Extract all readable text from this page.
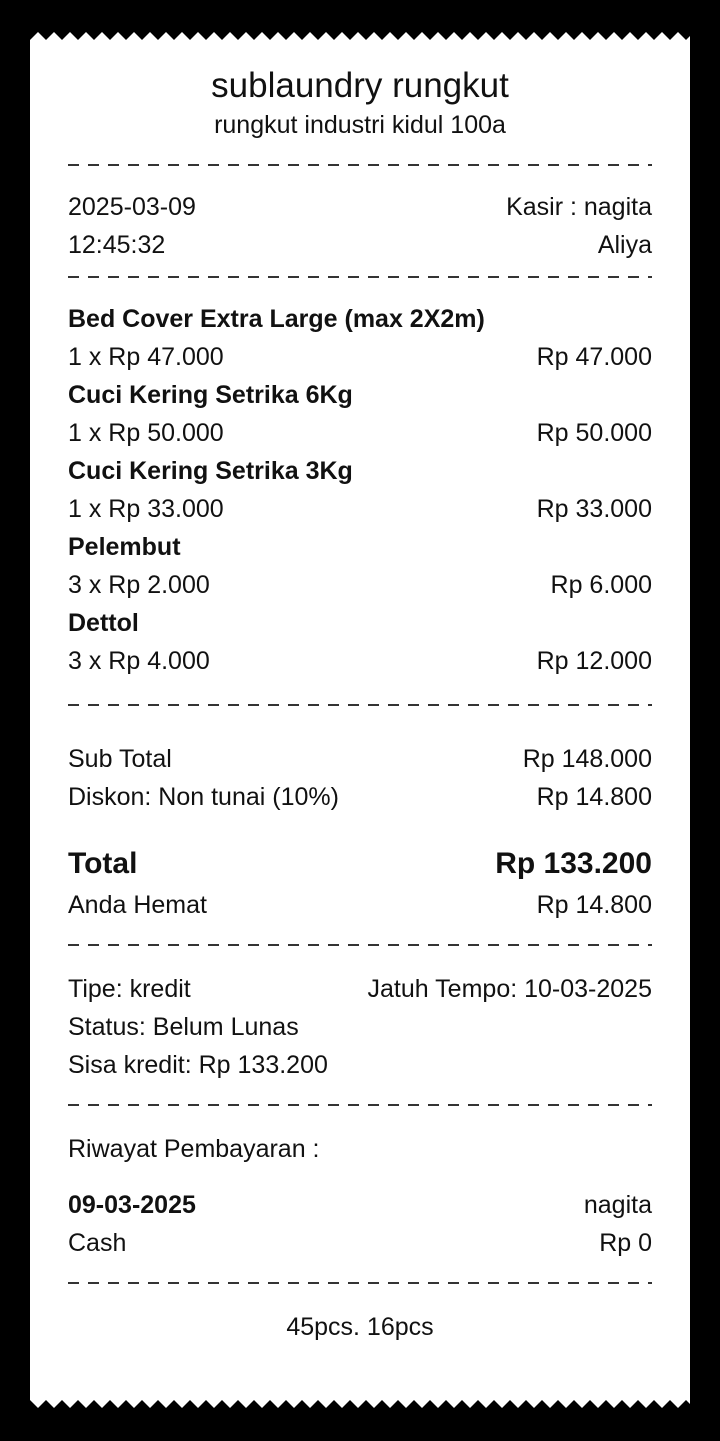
sublaundry rungkut
rungkut industri kidul 100a
2025-03-09	Kasir : nagita
12:45:32	Aliya
Bed Cover Extra Large (max 2X2m)
1 x Rp 47.000	Rp 47.000
Cuci Kering Setrika 6Kg
1 x Rp 50.000	Rp 50.000
Cuci Kering Setrika 3Kg
1 x Rp 33.000	Rp 33.000
Pelembut
3 x Rp 2.000	Rp 6.000
Dettol
3 x Rp 4.000	Rp 12.000
Sub Total	Rp 148.000
Diskon: Non tunai (10%)	Rp 14.800
Total	Rp 133.200
Anda Hemat	Rp 14.800
Tipe: kredit	Jatuh Tempo: 10-03-2025
Status: Belum Lunas
Sisa kredit: Rp 133.200
Riwayat Pembayaran :
09-03-2025	nagita
Cash	Rp 0
45pcs. 16pcs
